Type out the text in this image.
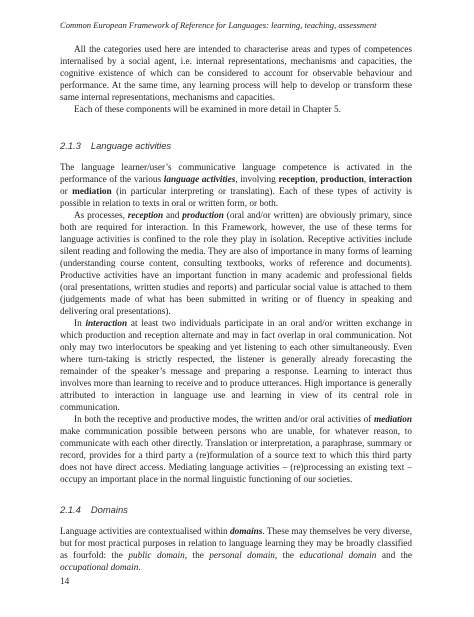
Common European Framework of Reference for Languages: learning, teaching, assessment

All the categories used here are intended to characterise areas and types of competences internalised by a social agent, i.e. internal representations, mechanisms and capacities, the cognitive existence of which can be considered to account for observable behaviour and performance. At the same time, any learning process will help to develop or transform these same internal representations, mechanisms and capacities.

Each of these components will be examined in more detail in Chapter 5.

2.1.3 Language activities

The language learner/user’s communicative language competence is activated in the performance of the various language activities, involving reception, production, interaction or mediation (in particular interpreting or translating). Each of these types of activity is possible in relation to texts in oral or written form, or both.

As processes, reception and production (oral and/or written) are obviously primary, since both are required for interaction. In this Framework, however, the use of these terms for language activities is confined to the role they play in isolation. Receptive activities include silent reading and following the media. They are also of importance in many forms of learning (understanding course content, consulting textbooks, works of reference and documents). Productive activities have an important function in many academic and professional fields (oral presentations, written studies and reports) and particular social value is attached to them (judgements made of what has been submitted in writing or of fluency in speaking and delivering oral presentations).

In interaction at least two individuals participate in an oral and/or written exchange in which production and reception alternate and may in fact overlap in oral communication. Not only may two interlocutors be speaking and yet listening to each other simultaneously. Even where turn-taking is strictly respected, the listener is generally already forecasting the remainder of the speaker’s message and preparing a response. Learning to interact thus involves more than learning to receive and to produce utterances. High importance is generally attributed to interaction in language use and learning in view of its central role in communication.

In both the receptive and productive modes, the written and/or oral activities of mediation make communication possible between persons who are unable, for whatever reason, to communicate with each other directly. Translation or interpretation, a paraphrase, summary or record, provides for a third party a (re)formulation of a source text to which this third party does not have direct access. Mediating language activities – (re)processing an existing text – occupy an important place in the normal linguistic functioning of our societies.

2.1.4 Domains

Language activities are contextualised within domains. These may themselves be very diverse, but for most practical purposes in relation to language learning they may be broadly classified as fourfold: the public domain, the personal domain, the educational domain and the occupational domain.

14
